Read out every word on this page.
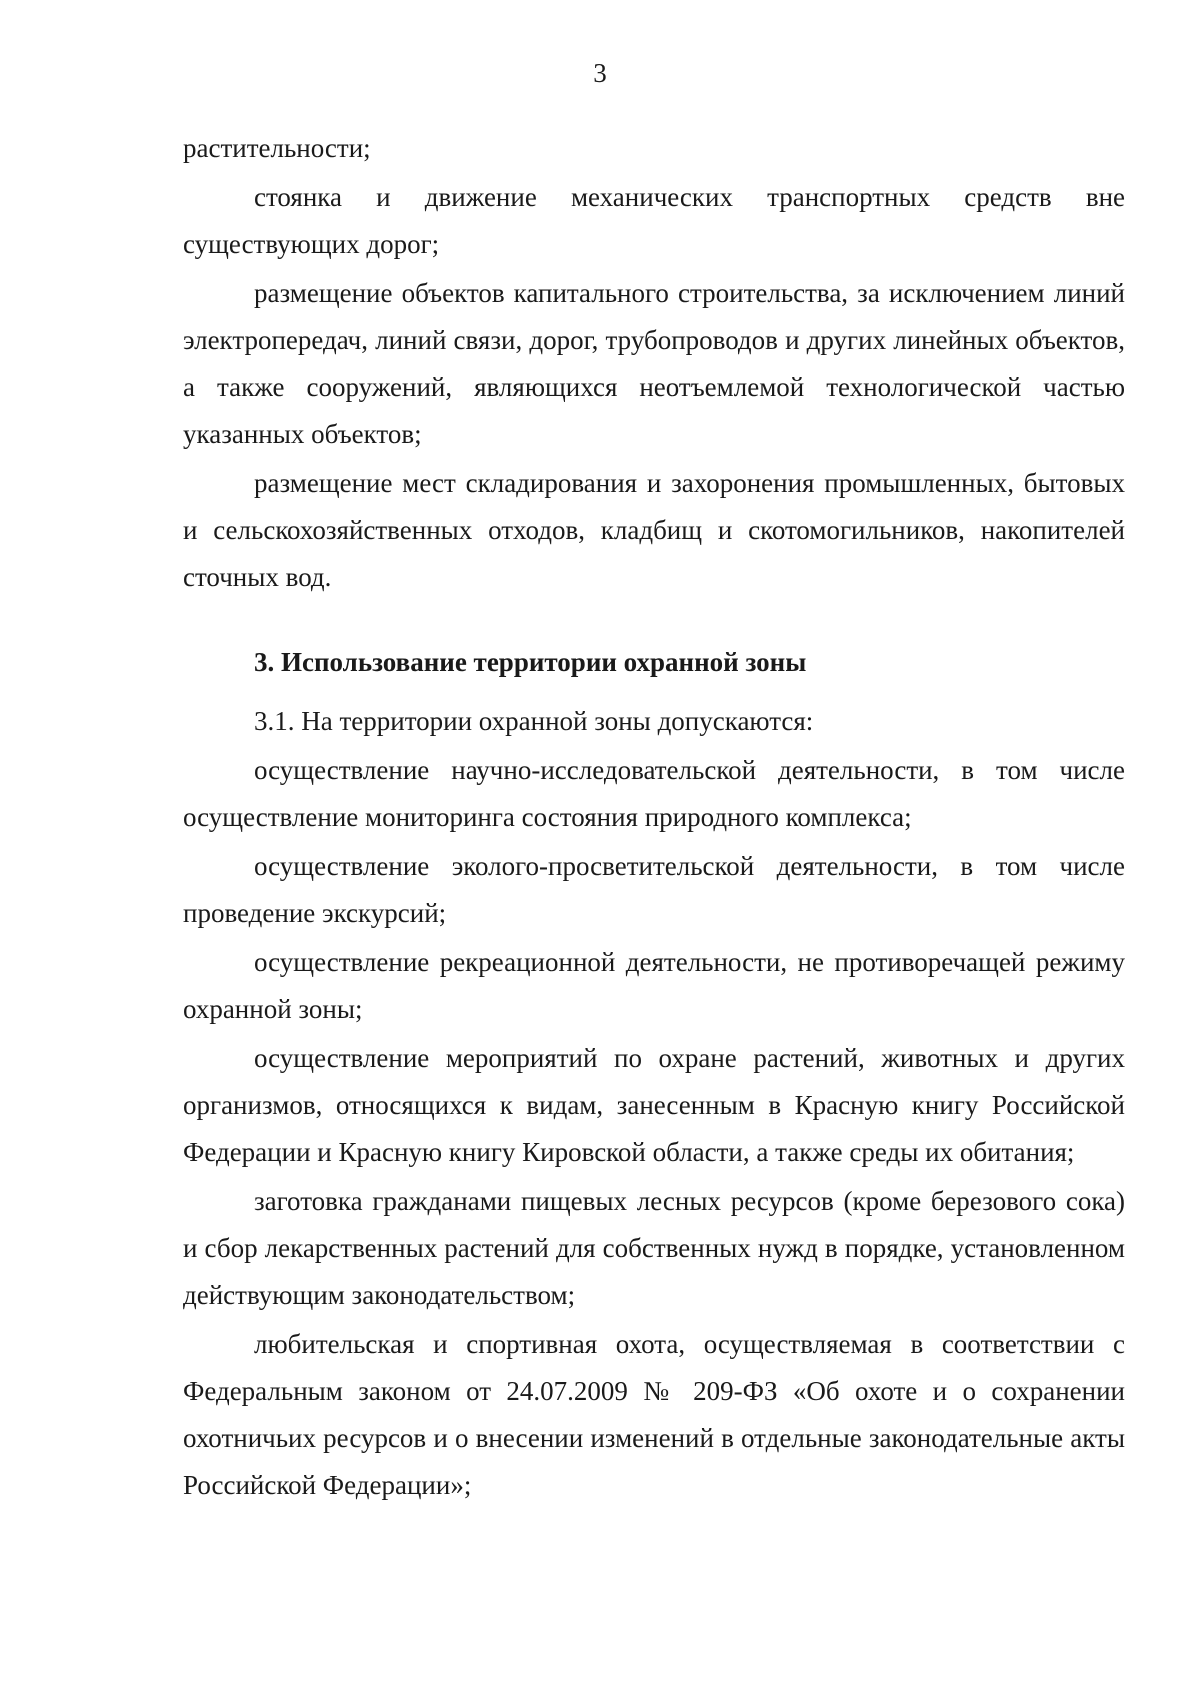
3

растительности;

стоянка и движение механических транспортных средств вне существующих дорог;

размещение объектов капитального строительства, за исключением линий электропередач, линий связи, дорог, трубопроводов и других линейных объектов, а также сооружений, являющихся неотъемлемой технологической частью указанных объектов;

размещение мест складирования и захоронения промышленных, бытовых и сельскохозяйственных отходов, кладбищ и скотомогильников, накопителей сточных вод.

3. Использование территории охранной зоны

3.1. На территории охранной зоны допускаются:

осуществление научно-исследовательской деятельности, в том числе осуществление мониторинга состояния природного комплекса;

осуществление эколого-просветительской деятельности, в том числе проведение экскурсий;

осуществление рекреационной деятельности, не противоречащей режиму охранной зоны;

осуществление мероприятий по охране растений, животных и других организмов, относящихся к видам, занесенным в Красную книгу Российской Федерации и Красную книгу Кировской области, а также среды их обитания;

заготовка гражданами пищевых лесных ресурсов (кроме березового сока) и сбор лекарственных растений для собственных нужд в порядке, установленном действующим законодательством;

любительская и спортивная охота, осуществляемая в соответствии с Федеральным законом от 24.07.2009 № 209-ФЗ «Об охоте и о сохранении охотничьих ресурсов и о внесении изменений в отдельные законодательные акты Российской Федерации»;
